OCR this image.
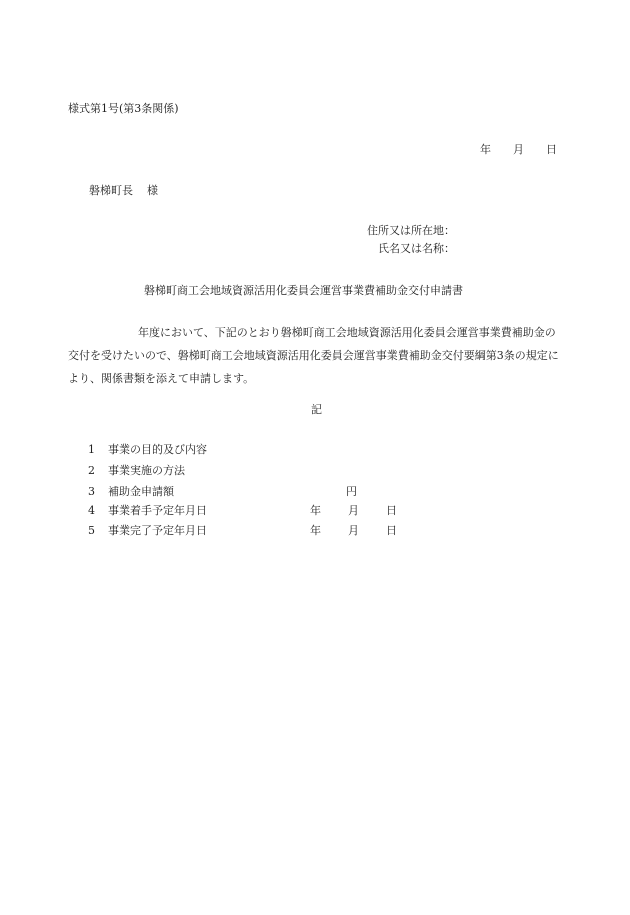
様式第1号(第3条関係)
年 月 日
磐梯町長 様
住所又は所在地：
氏名又は名称：
磐梯町商工会地域資源活用化委員会運営事業費補助金交付申請書
年度において、下記のとおり磐梯町商工会地域資源活用化委員会運営事業費補助金の交付を受けたいので、磐梯町商工会地域資源活用化委員会運営事業費補助金交付要綱第3条の規定により、関係書類を添えて申請します。
記
1	事業の目的及び内容
2	事業実施の方法
3	補助金申請額	円
4	事業着手予定年月日	年 月 日
5	事業完了予定年月日	年 月 日
